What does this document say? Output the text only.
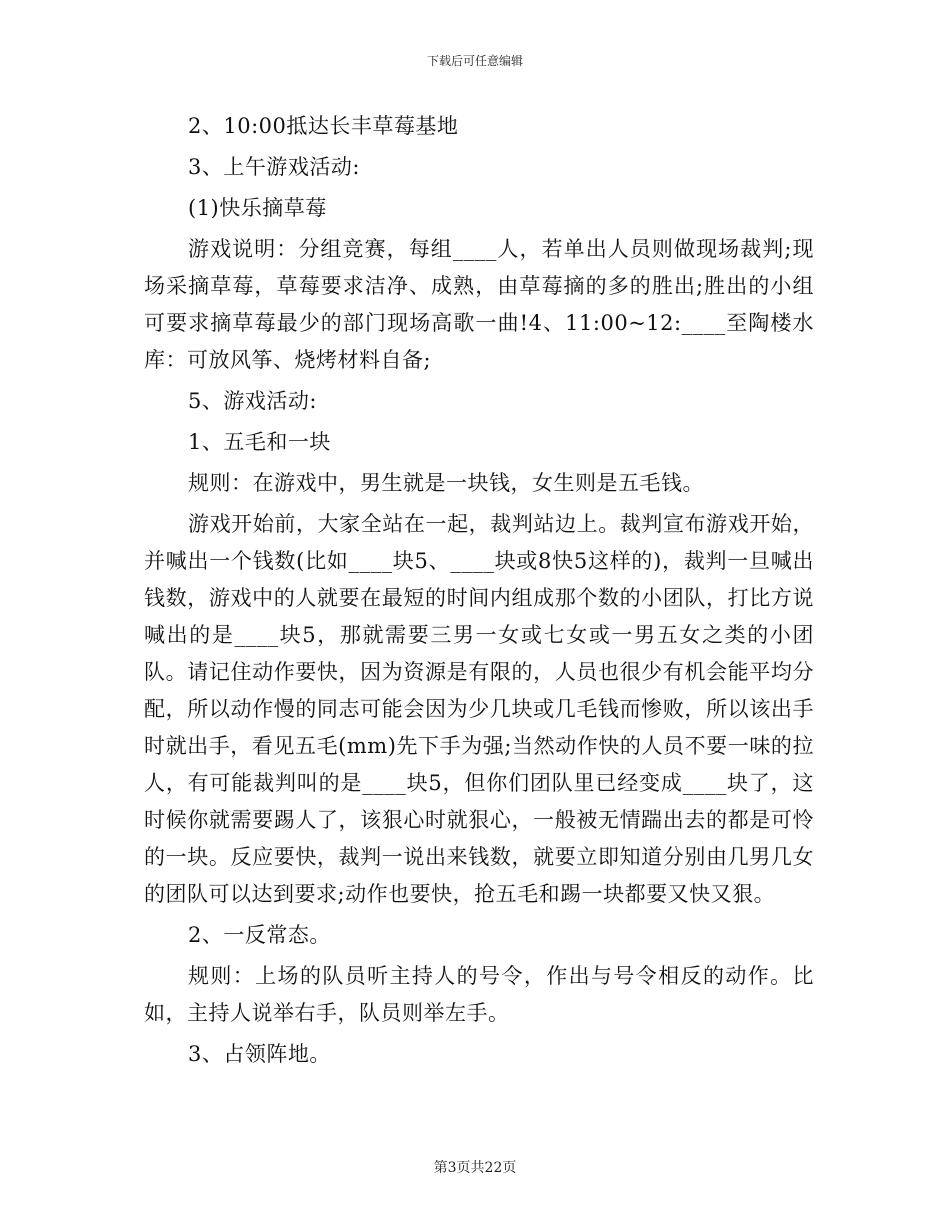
下载后可任意编辑

2、10:00抵达长丰草莓基地

3、上午游戏活动:

(1)快乐摘草莓

游戏说明：分组竞赛，每组____人，若单出人员则做现场裁判;现场采摘草莓，草莓要求洁净、成熟，由草莓摘的多的胜出;胜出的小组可要求摘草莓最少的部门现场高歌一曲!4、11:00~12:____至陶楼水库：可放风筝、烧烤材料自备;

5、游戏活动:

1、五毛和一块

规则：在游戏中，男生就是一块钱，女生则是五毛钱。

游戏开始前，大家全站在一起，裁判站边上。裁判宣布游戏开始，并喊出一个钱数(比如____块5、____块或8快5这样的)，裁判一旦喊出钱数，游戏中的人就要在最短的时间内组成那个数的小团队，打比方说喊出的是____块5，那就需要三男一女或七女或一男五女之类的小团队。请记住动作要快，因为资源是有限的，人员也很少有机会能平均分配，所以动作慢的同志可能会因为少几块或几毛钱而惨败，所以该出手时就出手，看见五毛(mm)先下手为强;当然动作快的人员不要一味的拉人，有可能裁判叫的是____块5，但你们团队里已经变成____块了，这时候你就需要踢人了，该狠心时就狠心，一般被无情踹出去的都是可怜的一块。反应要快，裁判一说出来钱数，就要立即知道分别由几男几女的团队可以达到要求;动作也要快，抢五毛和踢一块都要又快又狠。

2、一反常态。

规则：上场的队员听主持人的号令，作出与号令相反的动作。比如，主持人说举右手，队员则举左手。

3、占领阵地。

第3页共22页
